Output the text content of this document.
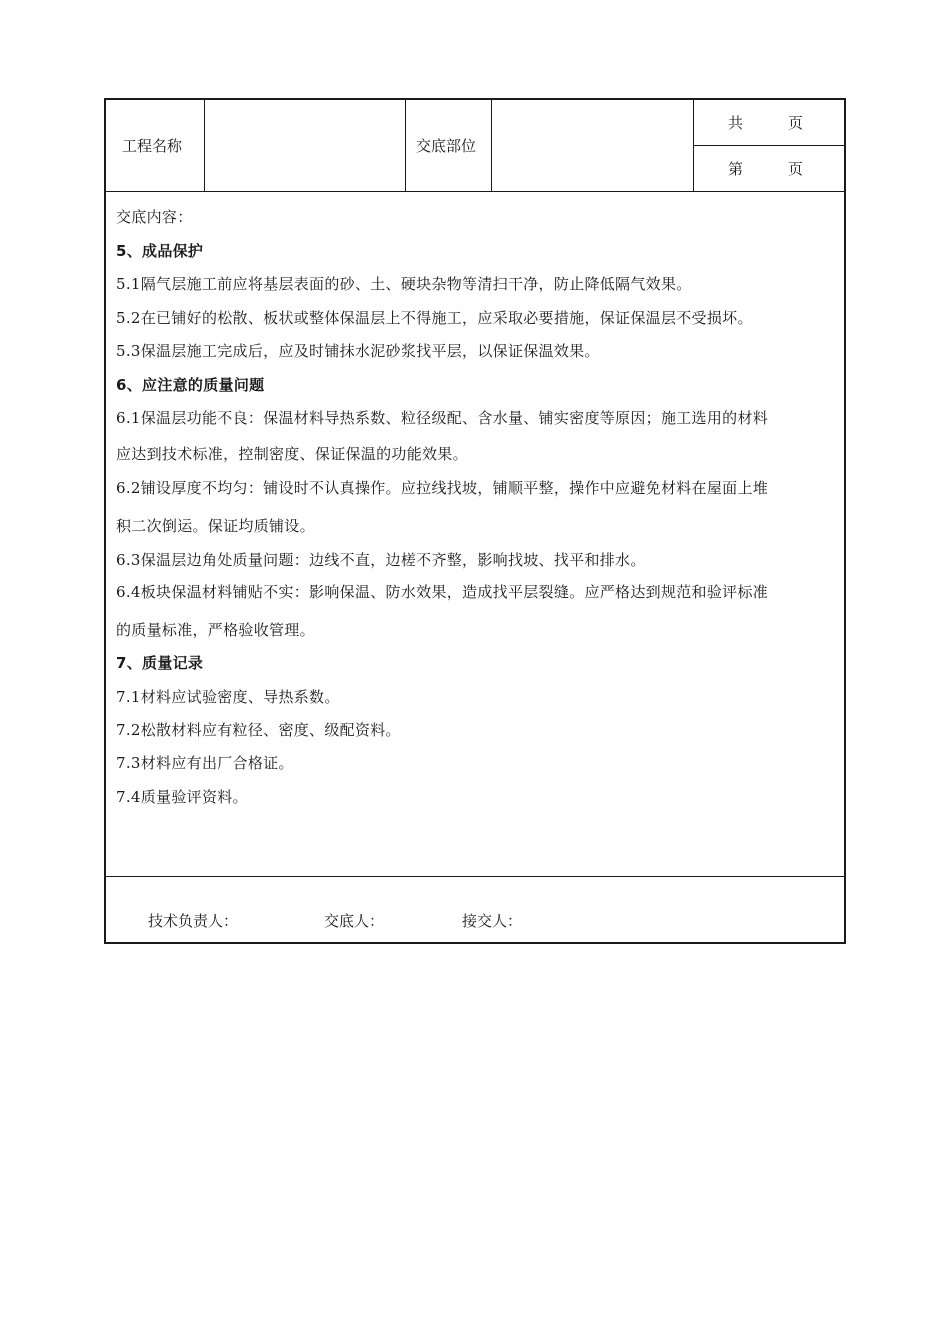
工程名称	交底部位
共　　　页
第　　　页
交底内容：
5、成品保护
5.1隔气层施工前应将基层表面的砂、土、硬块杂物等清扫干净，防止降低隔气效果。
5.2在已铺好的松散、板状或整体保温层上不得施工，应采取必要措施，保证保温层不受损坏。
5.3保温层施工完成后，应及时铺抹水泥砂浆找平层，以保证保温效果。
6、应注意的质量问题
6.1保温层功能不良：保温材料导热系数、粒径级配、含水量、铺实密度等原因；施工选用的材料
应达到技术标准，控制密度、保证保温的功能效果。
6.2铺设厚度不均匀：铺设时不认真操作。应拉线找坡，铺顺平整，操作中应避免材料在屋面上堆
积二次倒运。保证均质铺设。
6.3保温层边角处质量问题：边线不直，边槎不齐整，影响找坡、找平和排水。
6.4板块保温材料铺贴不实：影响保温、防水效果，造成找平层裂缝。应严格达到规范和验评标准
的质量标准，严格验收管理。
7、质量记录
7.1材料应试验密度、导热系数。
7.2松散材料应有粒径、密度、级配资料。
7.3材料应有出厂合格证。
7.4质量验评资料。
技术负责人：	交底人：	接交人：
